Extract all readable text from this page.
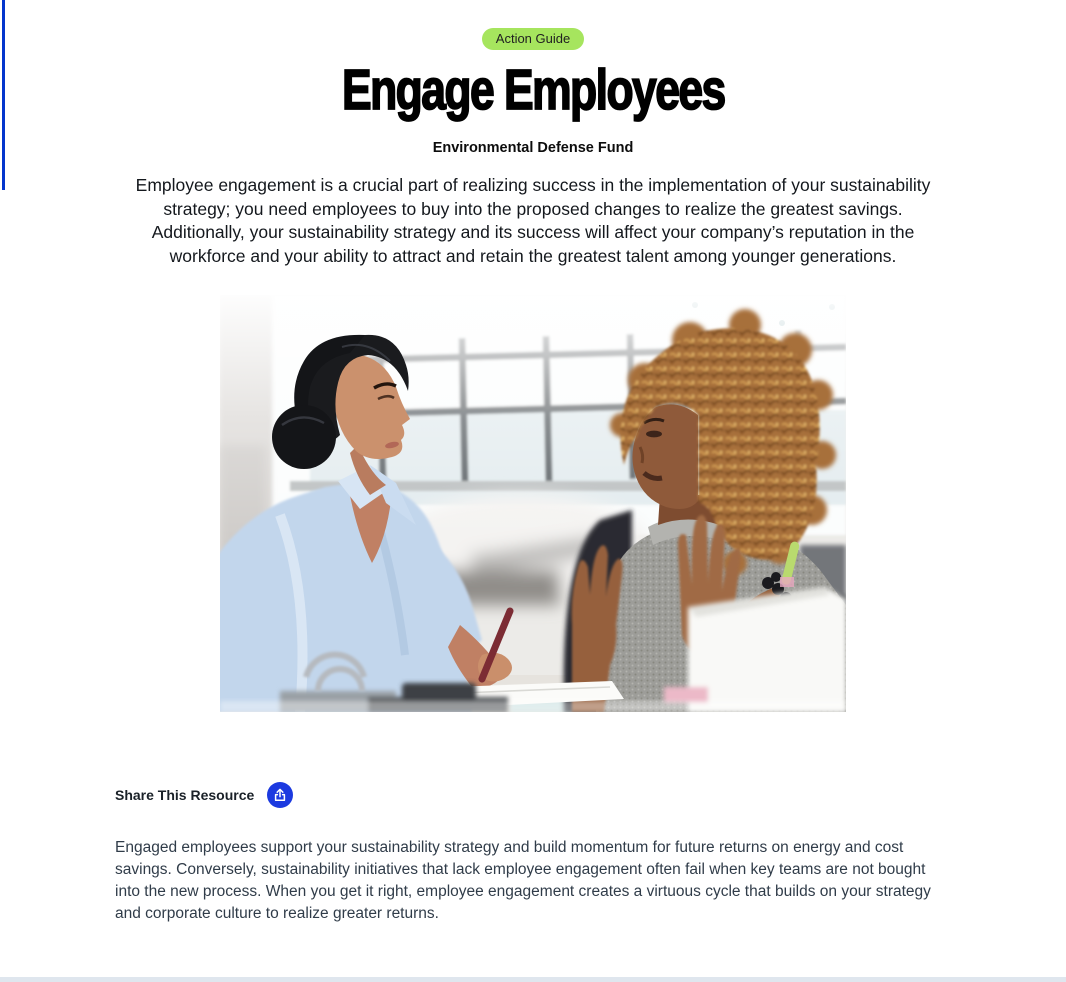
Action Guide
Engage Employees
Environmental Defense Fund

Employee engagement is a crucial part of realizing success in the implementation of your sustainability strategy; you need employees to buy into the proposed changes to realize the greatest savings. Additionally, your sustainability strategy and its success will affect your company’s reputation in the workforce and your ability to attract and retain the greatest talent among younger generations.

Share This Resource

Engaged employees support your sustainability strategy and build momentum for future returns on energy and cost savings. Conversely, sustainability initiatives that lack employee engagement often fail when key teams are not bought into the new process. When you get it right, employee engagement creates a virtuous cycle that builds on your strategy and corporate culture to realize greater returns.
